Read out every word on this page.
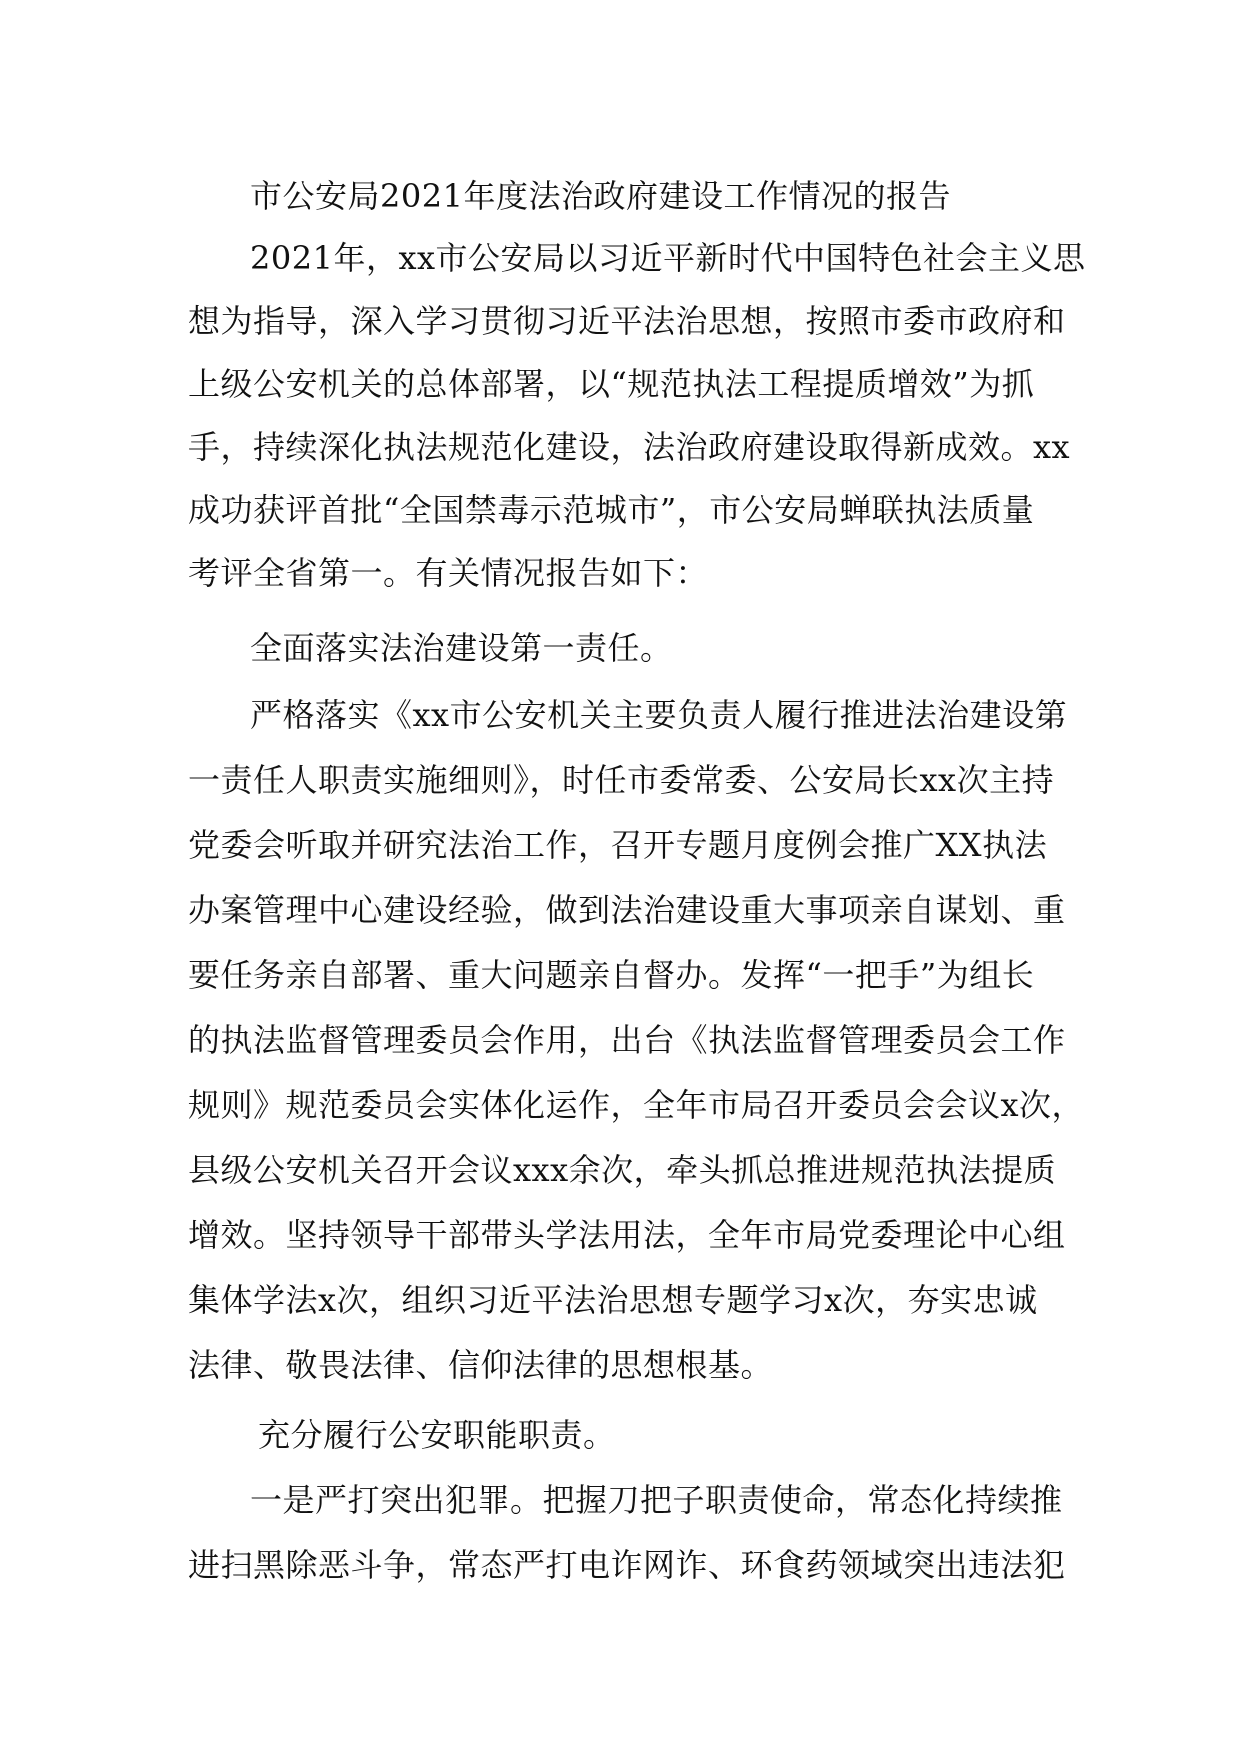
市公安局2021年度法治政府建设工作情况的报告
2021年，xx市公安局以习近平新时代中国特色社会主义思
想为指导，深入学习贯彻习近平法治思想，按照市委市政府和
上级公安机关的总体部署，以“规范执法工程提质增效”为抓
手，持续深化执法规范化建设，法治政府建设取得新成效。xx
成功获评首批“全国禁毒示范城市”，市公安局蝉联执法质量
考评全省第一。有关情况报告如下：
全面落实法治建设第一责任。
严格落实《xx市公安机关主要负责人履行推进法治建设第
一责任人职责实施细则》，时任市委常委、公安局长xx次主持
党委会听取并研究法治工作，召开专题月度例会推广XX执法
办案管理中心建设经验，做到法治建设重大事项亲自谋划、重
要任务亲自部署、重大问题亲自督办。发挥“一把手”为组长
的执法监督管理委员会作用，出台《执法监督管理委员会工作
规则》规范委员会实体化运作，全年市局召开委员会会议x次，
县级公安机关召开会议xxx余次，牵头抓总推进规范执法提质
增效。坚持领导干部带头学法用法，全年市局党委理论中心组
集体学法x次，组织习近平法治思想专题学习x次，夯实忠诚
法律、敬畏法律、信仰法律的思想根基。
充分履行公安职能职责。
一是严打突出犯罪。把握刀把子职责使命，常态化持续推
进扫黑除恶斗争，常态严打电诈网诈、环食药领域突出违法犯
